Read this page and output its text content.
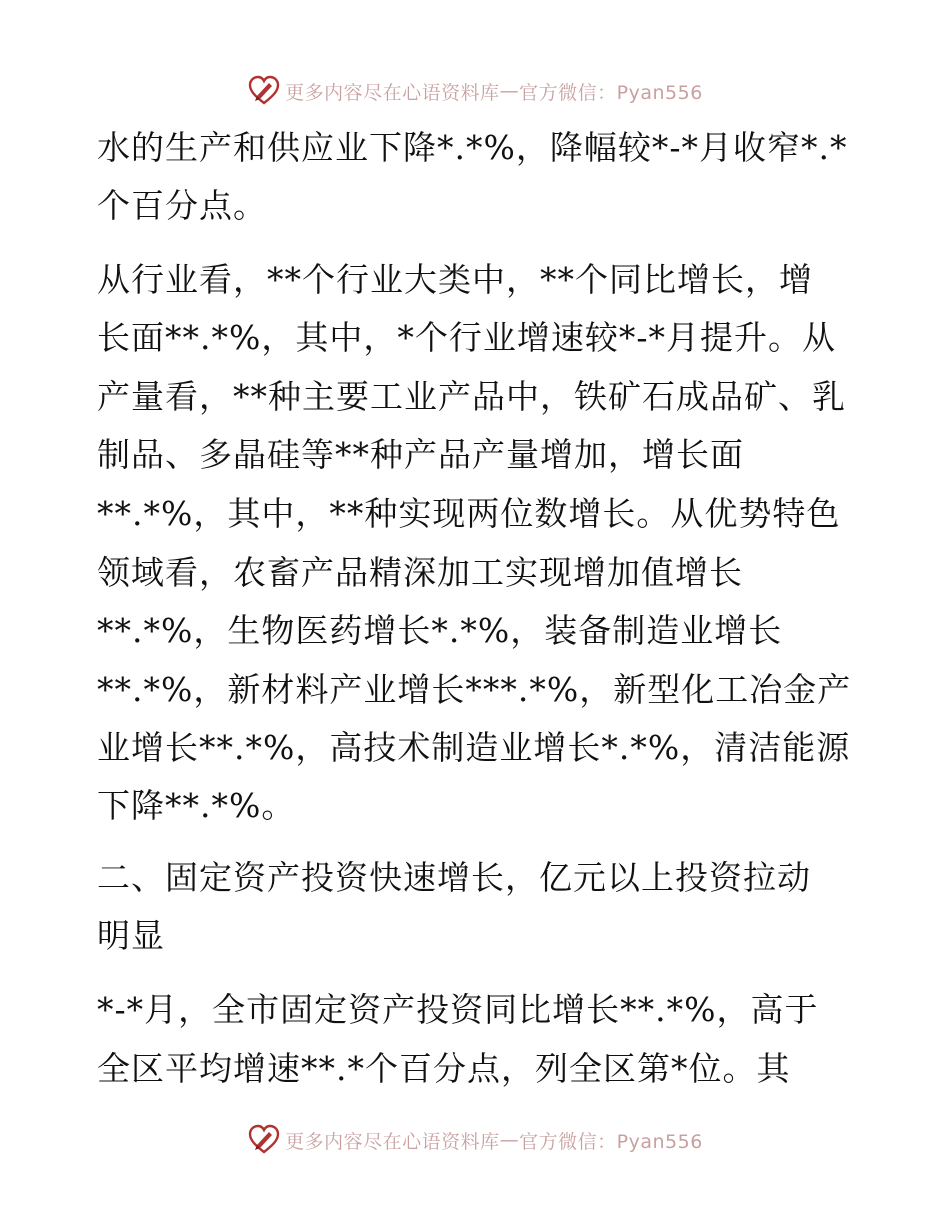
更多内容尽在心语资料库 — 官方微信：Pyan556
水的生产和供应业下降*.*%，降幅较*-*月收窄*.*
个百分点。
从行业看，**个行业大类中，**个同比增长，增
长面**.*%，其中，*个行业增速较*-*月提升。从
产量看，**种主要工业产品中，铁矿石成品矿、乳
制品、多晶硅等**种产品产量增加，增长面
**.*%，其中，**种实现两位数增长。从优势特色
领域看，农畜产品精深加工实现增加值增长
**.*%，生物医药增长*.*%，装备制造业增长
**.*%，新材料产业增长***.*%，新型化工冶金产
业增长**.*%，高技术制造业增长*.*%，清洁能源
下降**.*%。
二、固定资产投资快速增长，亿元以上投资拉动
明显
*-*月，全市固定资产投资同比增长**.*%，高于
全区平均增速**.*个百分点，列全区第*位。其
更多内容尽在心语资料库 — 官方微信：Pyan556
